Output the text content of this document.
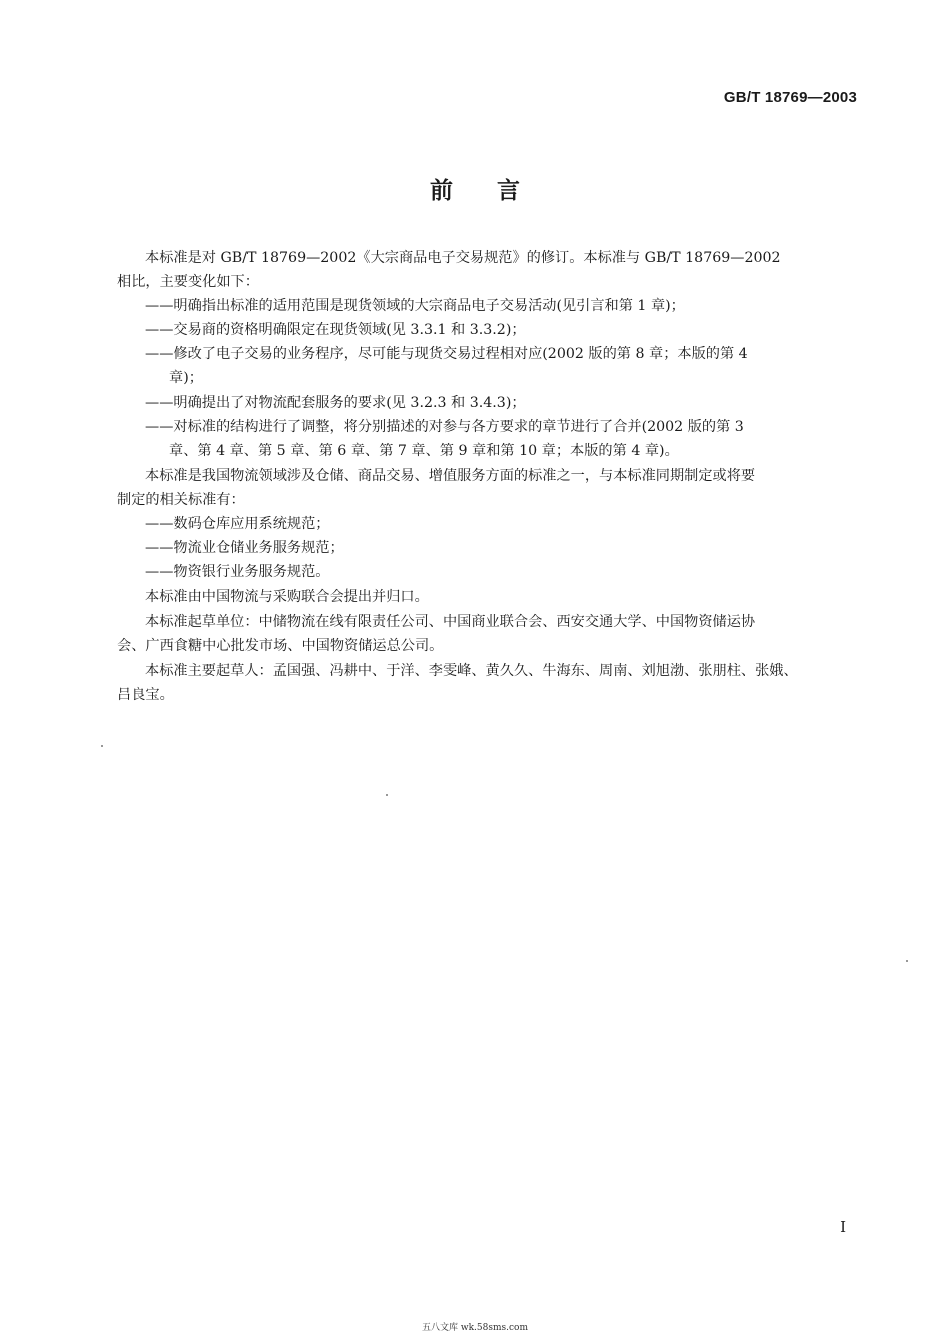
GB/T 18769—2003
前言
本标准是对 GB/T 18769—2002《大宗商品电子交易规范》的修订。本标准与 GB/T 18769—2002
相比，主要变化如下：
——明确指出标准的适用范围是现货领域的大宗商品电子交易活动(见引言和第 1 章)；
——交易商的资格明确限定在现货领域(见 3.3.1 和 3.3.2)；
——修改了电子交易的业务程序，尽可能与现货交易过程相对应(2002 版的第 8 章；本版的第 4
章)；
——明确提出了对物流配套服务的要求(见 3.2.3 和 3.4.3)；
——对标准的结构进行了调整，将分别描述的对参与各方要求的章节进行了合并(2002 版的第 3
章、第 4 章、第 5 章、第 6 章、第 7 章、第 9 章和第 10 章；本版的第 4 章)。
本标准是我国物流领域涉及仓储、商品交易、增值服务方面的标准之一，与本标准同期制定或将要
制定的相关标准有：
——数码仓库应用系统规范；
——物流业仓储业务服务规范；
——物资银行业务服务规范。
本标准由中国物流与采购联合会提出并归口。
本标准起草单位：中储物流在线有限责任公司、中国商业联合会、西安交通大学、中国物资储运协
会、广西食糖中心批发市场、中国物资储运总公司。
本标准主要起草人：孟国强、冯耕中、于洋、李雯峰、黄久久、牛海东、周南、刘旭渤、张朋柱、张娥、
吕良宝。
I
五八文库 wk.58sms.com
